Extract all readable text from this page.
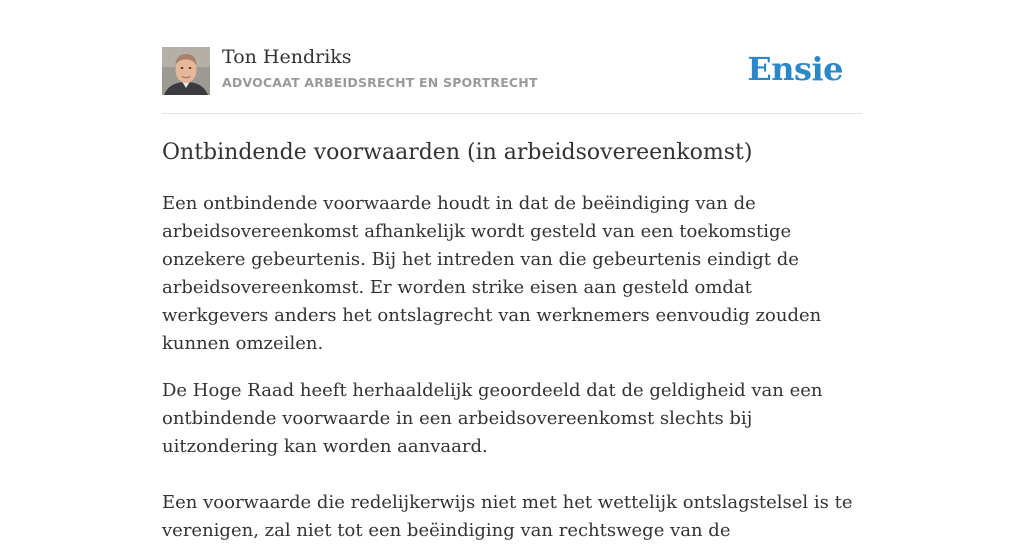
Ton Hendriks
ADVOCAAT ARBEIDSRECHT EN SPORTRECHT	Ensie
Ontbindende voorwaarden (in arbeidsovereenkomst)

Een ontbindende voorwaarde houdt in dat de beëindiging van de arbeidsovereenkomst afhankelijk wordt gesteld van een toekomstige onzekere gebeurtenis. Bij het intreden van die gebeurtenis eindigt de arbeidsovereenkomst. Er worden strike eisen aan gesteld omdat werkgevers anders het ontslagrecht van werknemers eenvoudig zouden kunnen omzeilen.

De Hoge Raad heeft herhaaldelijk geoordeeld dat de geldigheid van een ontbindende voorwaarde in een arbeidsovereenkomst slechts bij uitzondering kan worden aanvaard.

Een voorwaarde die redelijkerwijs niet met het wettelijk ontslagstelsel is te verenigen, zal niet tot een beëindiging van rechtswege van de
